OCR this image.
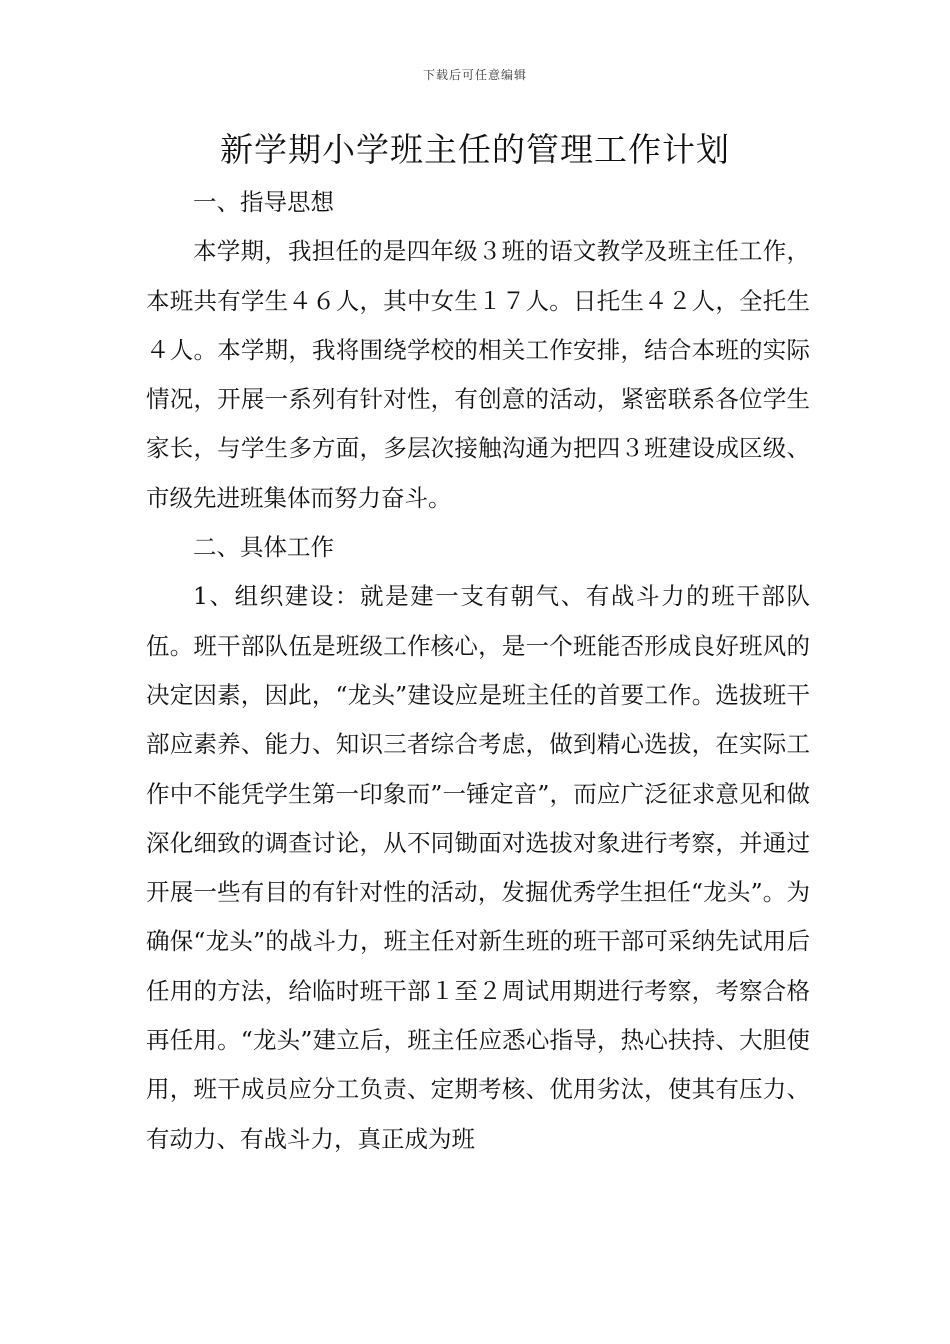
下载后可任意编辑
新学期小学班主任的管理工作计划

一、指导思想

本学期，我担任的是四年级３班的语文教学及班主任工作，本班共有学生４６人，其中女生１７人。日托生４２人，全托生４人。本学期，我将围绕学校的相关工作安排，结合本班的实际情况，开展一系列有针对性，有创意的活动，紧密联系各位学生家长，与学生多方面，多层次接触沟通为把四３班建设成区级、市级先进班集体而努力奋斗。

二、具体工作

1、组织建设：就是建一支有朝气、有战斗力的班干部队伍。班干部队伍是班级工作核心，是一个班能否形成良好班风的决定因素，因此，“龙头”建设应是班主任的首要工作。选拔班干部应素养、能力、知识三者综合考虑，做到精心选拔，在实际工作中不能凭学生第一印象而”一锤定音”，而应广泛征求意见和做深化细致的调查讨论，从不同锄面对选拔对象进行考察，并通过开展一些有目的有针对性的活动，发掘优秀学生担任“龙头”。为确保“龙头”的战斗力，班主任对新生班的班干部可采纳先试用后任用的方法，给临时班干部１至２周试用期进行考察，考察合格再任用。“龙头”建立后，班主任应悉心指导，热心扶持、大胆使用，班干成员应分工负责、定期考核、优用劣汰，使其有压力、有动力、有战斗力，真正成为班
